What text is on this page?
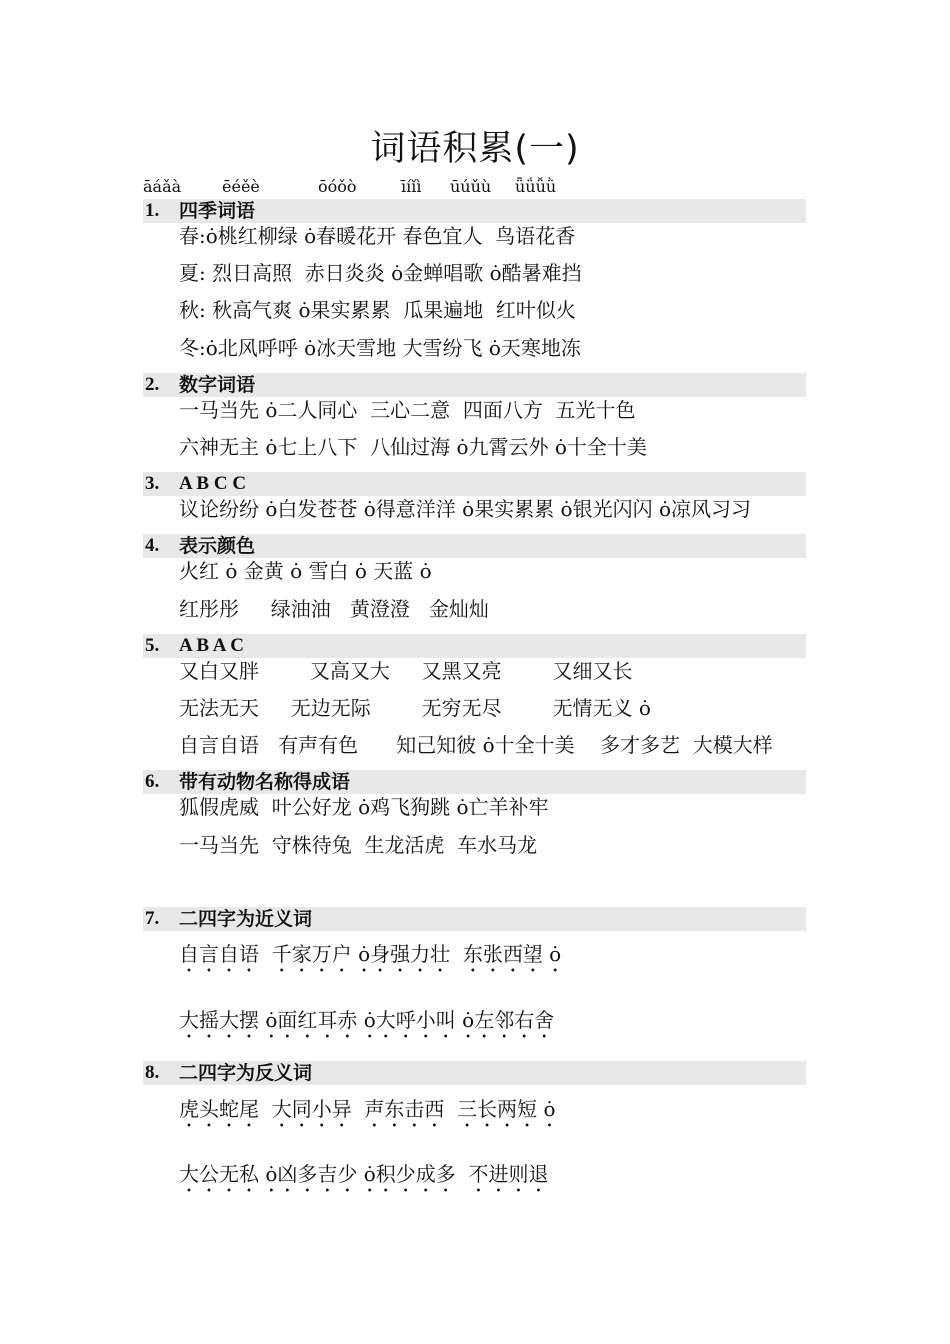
词语积累(一)
āáǎà	ēéěè	ōóǒò	īíǐì ūúǔù ǖǘǚǜ
1. 四季词语
春:ȯ桃红柳绿 ȯ春暖花开 春色宜人  鸟语花香
夏: 烈日高照  赤日炎炎 ȯ金蝉唱歌 ȯ酷暑难挡
秋: 秋高气爽 ȯ果实累累  瓜果遍地  红叶似火
冬:ȯ北风呼呼 ȯ冰天雪地 大雪纷飞 ȯ天寒地冻
2. 数字词语
一马当先 ȯ二人同心  三心二意  四面八方  五光十色
六神无主 ȯ七上八下  八仙过海 ȯ九霄云外 ȯ十全十美
3. A B C C
议论纷纷 ȯ白发苍苍 ȯ得意洋洋 ȯ果实累累 ȯ银光闪闪 ȯ凉风习习
4. 表示颜色
火红 ȯ 金黄 ȯ 雪白 ȯ 天蓝 ȯ
红彤彤     绿油油   黄澄澄   金灿灿
5. A B A C
又白又胖        又高又大     又黑又亮        又细又长
无法无天     无边无际        无穷无尽        无情无义 ȯ
自言自语   有声有色      知己知彼 ȯ十全十美    多才多艺  大模大样
6. 带有动物名称得成语
狐假虎威  叶公好龙 ȯ鸡飞狗跳 ȯ亡羊补牢
一马当先  守株待兔  生龙活虎  车水马龙
7. 二四字为近义词
自言自语  千家万户 ȯ身强力壮  东张西望 ȯ
大摇大摆 ȯ面红耳赤 ȯ大呼小叫 ȯ左邻右舍
8. 二四字为反义词
虎头蛇尾  大同小异  声东击西  三长两短 ȯ
大公无私 ȯ凶多吉少 ȯ积少成多  不进则退
